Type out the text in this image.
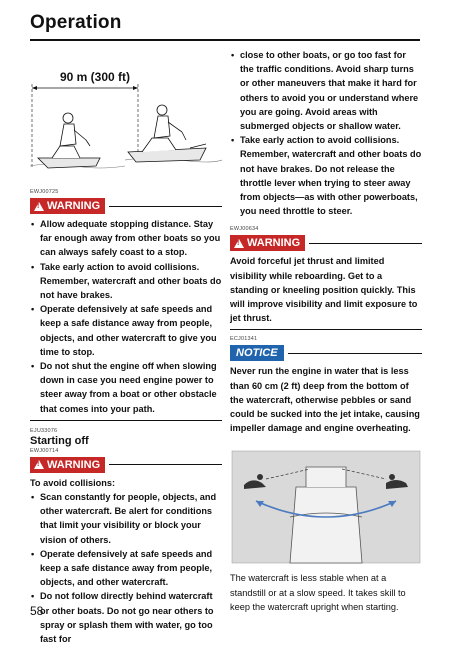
Operation
90 m (300 ft)
EWJ00725
!
WARNING
• Allow adequate stopping distance. Stay far enough away from other boats so you can always safely coast to a stop.
• Take early action to avoid collisions. Remember, watercraft and other boats do not have brakes.
• Operate defensively at safe speeds and keep a safe distance away from people, objects, and other watercraft to give you time to stop.
• Do not shut the engine off when slowing down in case you need engine power to steer away from a boat or other obstacle that comes into your path.
EJU33076
Starting off
EWJ00714
!
WARNING

To avoid collisions:

• Scan constantly for people, objects, and other watercraft. Be alert for conditions that limit your visibility or block your vision of others.
• Operate defensively at safe speeds and keep a safe distance away from people, objects, and other watercraft.
• Do not follow directly behind watercraft or other boats. Do not go near others to spray or splash them with water, go too fast for
• close to other boats, or go too fast for the traffic conditions. Avoid sharp turns or other maneuvers that make it hard for others to avoid you or understand where you are going. Avoid areas with submerged objects or shallow water.
• Take early action to avoid collisions. Remember, watercraft and other boats do not have brakes. Do not release the throttle lever when trying to steer away from objects—as with other powerboats, you need throttle to steer.
EWJ00634
!
WARNING

Avoid forceful jet thrust and limited visibility while reboarding. Get to a standing or kneeling position quickly. This will improve visibility and limit exposure to jet thrust.

ECJ01341
NOTICE

Never run the engine in water that is less than 60 cm (2 ft) deep from the bottom of the watercraft, otherwise pebbles or sand could be sucked into the jet intake, causing impeller damage and engine overheating.

The watercraft is less stable when at a standstill or at a slow speed. It takes skill to keep the watercraft upright when starting.

58
